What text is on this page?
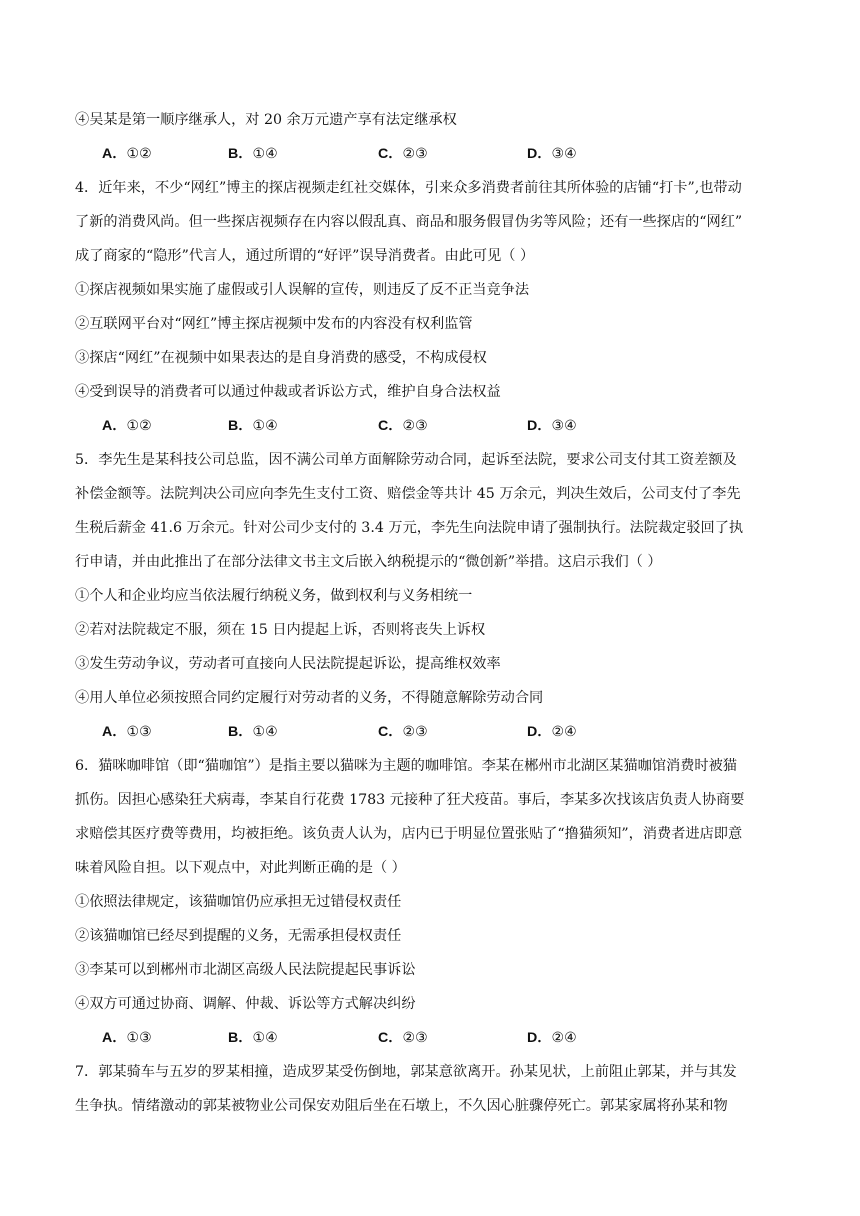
④吴某是第一顺序继承人，对 20 余万元遗产享有法定继承权
A．①②	B．①④	C．②③	D．③④
4．近年来，不少“网红”博主的探店视频走红社交媒体，引来众多消费者前往其所体验的店铺“打卡”,也带动
了新的消费风尚。但一些探店视频存在内容以假乱真、商品和服务假冒伪劣等风险；还有一些探店的“网红”
成了商家的“隐形”代言人，通过所谓的“好评”误导消费者。由此可见（ ）
①探店视频如果实施了虚假或引人误解的宣传，则违反了反不正当竞争法
②互联网平台对“网红”博主探店视频中发布的内容没有权利监管
③探店“网红”在视频中如果表达的是自身消费的感受，不构成侵权
④受到误导的消费者可以通过仲裁或者诉讼方式，维护自身合法权益
A．①②	B．①④	C．②③	D．③④
5．李先生是某科技公司总监，因不满公司单方面解除劳动合同，起诉至法院，要求公司支付其工资差额及
补偿金额等。法院判决公司应向李先生支付工资、赔偿金等共计 45 万余元，判决生效后，公司支付了李先
生税后薪金 41.6 万余元。针对公司少支付的 3.4 万元，李先生向法院申请了强制执行。法院裁定驳回了执
行申请，并由此推出了在部分法律文书主文后嵌入纳税提示的“微创新”举措。这启示我们（ ）
①个人和企业均应当依法履行纳税义务，做到权利与义务相统一
②若对法院裁定不服，须在 15 日内提起上诉，否则将丧失上诉权
③发生劳动争议，劳动者可直接向人民法院提起诉讼，提高维权效率
④用人单位必须按照合同约定履行对劳动者的义务，不得随意解除劳动合同
A．①③	B．①④	C．②③	D．②④
6．猫咪咖啡馆（即“猫咖馆”）是指主要以猫咪为主题的咖啡馆。李某在郴州市北湖区某猫咖馆消费时被猫
抓伤。因担心感染狂犬病毒，李某自行花费 1783 元接种了狂犬疫苗。事后，李某多次找该店负责人协商要
求赔偿其医疗费等费用，均被拒绝。该负责人认为，店内已于明显位置张贴了“撸猫须知”，消费者进店即意
味着风险自担。以下观点中，对此判断正确的是（ ）
①依照法律规定，该猫咖馆仍应承担无过错侵权责任
②该猫咖馆已经尽到提醒的义务，无需承担侵权责任
③李某可以到郴州市北湖区高级人民法院提起民事诉讼
④双方可通过协商、调解、仲裁、诉讼等方式解决纠纷
A．①③	B．①④	C．②③	D．②④
7．郭某骑车与五岁的罗某相撞，造成罗某受伤倒地，郭某意欲离开。孙某见状，上前阻止郭某，并与其发
生争执。情绪激动的郭某被物业公司保安劝阻后坐在石墩上，不久因心脏骤停死亡。郭某家属将孙某和物
